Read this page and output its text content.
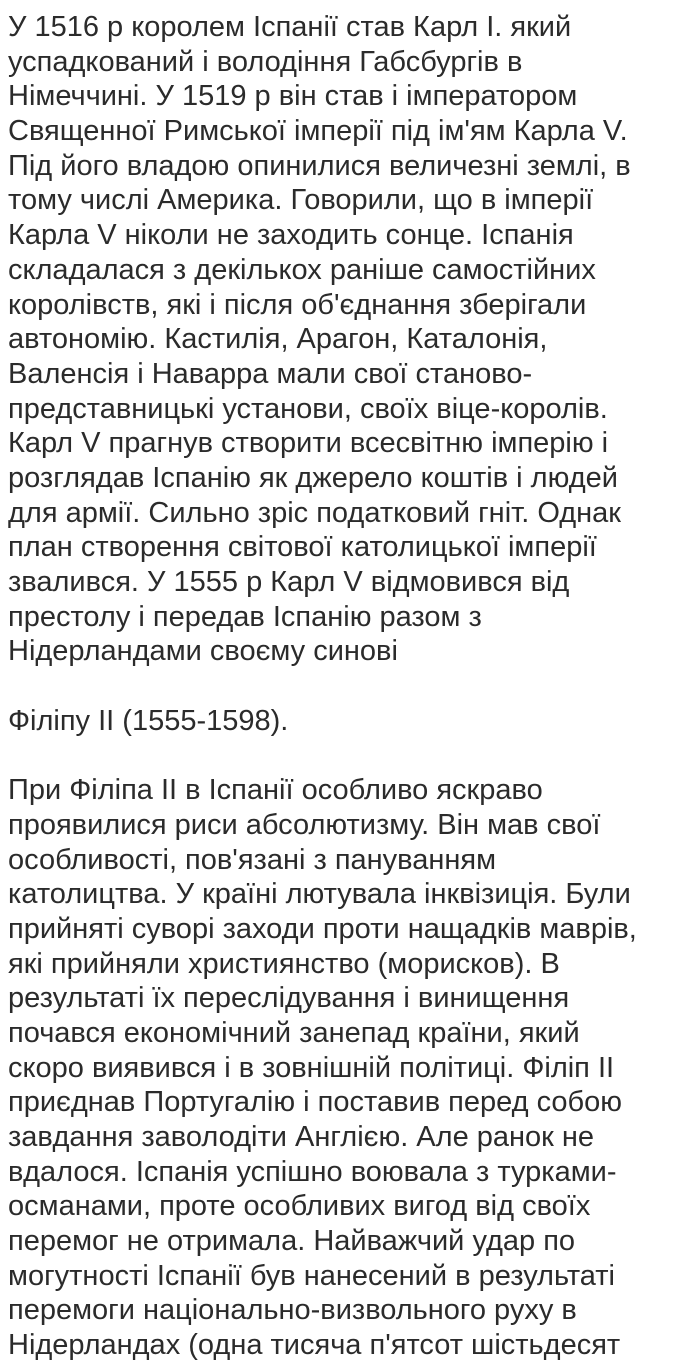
У 1516 р королем Іспанії став Карл І. який
успадкований і володіння Габсбургів в
Німеччині. У 1519 р він став і імператором
Священної Римської імперії під ім'ям Карла V.
Під його владою опинилися величезні землі, в
тому числі Америка. Говорили, що в імперії
Карла V ніколи не заходить сонце. Іспанія
складалася з декількох раніше самостійних
королівств, які і після об'єднання зберігали
автономію. Кастилія, Арагон, Каталонія,
Валенсія і Наварра мали свої станово-
представницькі установи, своїх віце-королів.
Карл V прагнув створити всесвітню імперію і
розглядав Іспанію як джерело коштів і людей
для армії. Сильно зріс податковий гніт. Однак
план створення світової католицької імперії
звалився. У 1555 р Карл V відмовився від
престолу і передав Іспанію разом з
Нідерландами своєму синові
Філіпу II (1555-1598).
При Філіпа II в Іспанії особливо яскраво
проявилися риси абсолютизму. Він мав свої
особливості, пов'язані з пануванням
католицтва. У країні лютувала інквізиція. Були
прийняті суворі заходи проти нащадків маврів,
які прийняли християнство (морисков). В
результаті їх переслідування і винищення
почався економічний занепад країни, який
скоро виявився і в зовнішній політиці. Філіп II
приєднав Португалію і поставив перед собою
завдання заволодіти Англією. Але ранок не
вдалося. Іспанія успішно воювала з турками-
османами, проте особливих вигод від своїх
перемог не отримала. Найважчий удар по
могутності Іспанії був нанесений в результаті
перемоги національно-визвольного руху в
Нідерландах (одна тисяча п'ятсот шістьдесят
